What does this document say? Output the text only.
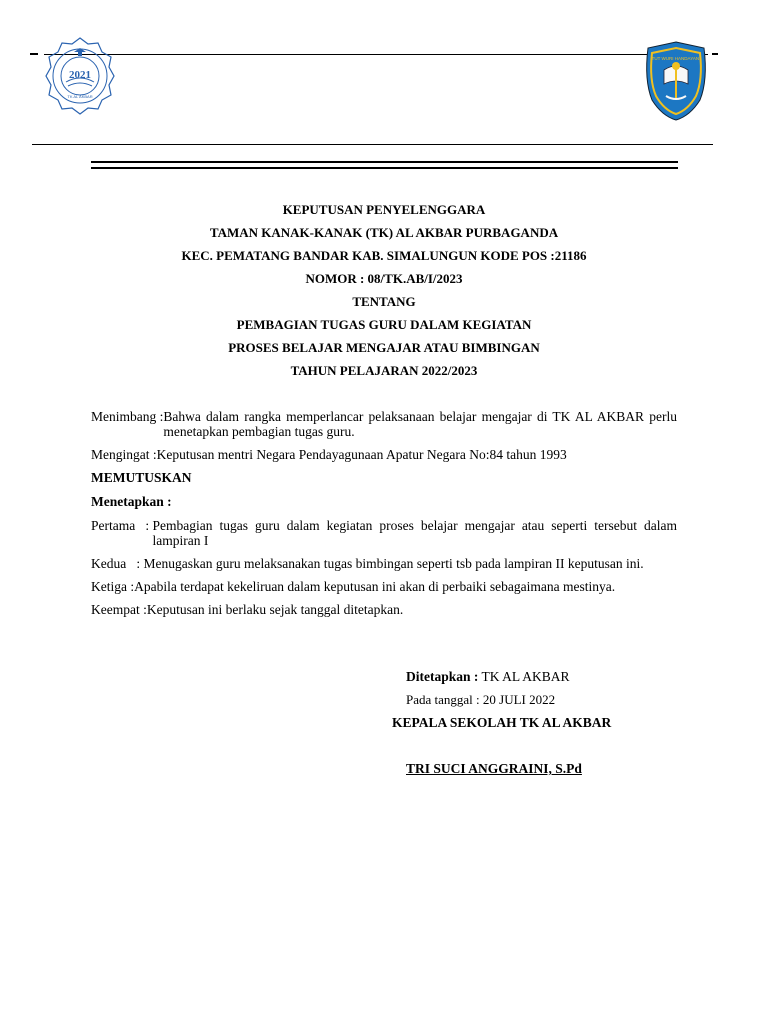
2021
TK AL AKBAR
TUT WURI HANDAYANI
KEPUTUSAN PENYELENGGARA
TAMAN KANAK-KANAK (TK) AL AKBAR PURBAGANDA
KEC. PEMATANG BANDAR KAB. SIMALUNGUN KODE POS :21186
NOMOR : 08/TK.AB/I/2023
TENTANG
PEMBAGIAN TUGAS GURU DALAM KEGIATAN
PROSES BELAJAR MENGAJAR ATAU BIMBINGAN
TAHUN PELAJARAN 2022/2023
Menimbang : Bahwa dalam rangka memperlancar pelaksanaan belajar mengajar di TK AL AKBAR perlu menetapkan pembagian tugas guru.
Mengingat : Keputusan mentri Negara Pendayagunaan Apatur Negara No:84 tahun 1993
MEMUTUSKAN
Menetapkan :
Pertama   : Pembagian tugas guru dalam kegiatan proses belajar mengajar atau seperti tersebut dalam lampiran I
Kedua : Menugaskan guru melaksanakan tugas bimbingan seperti tsb pada lampiran II keputusan ini.
Ketiga : Apabila terdapat kekeliruan dalam keputusan ini akan di perbaiki sebagaimana mestinya.
Keempat : Keputusan ini berlaku sejak tanggal ditetapkan.
Ditetapkan : TK AL AKBAR
Pada tanggal : 20 JULI 2022
KEPALA SEKOLAH TK AL AKBAR
TRI SUCI ANGGRAINI, S.Pd
